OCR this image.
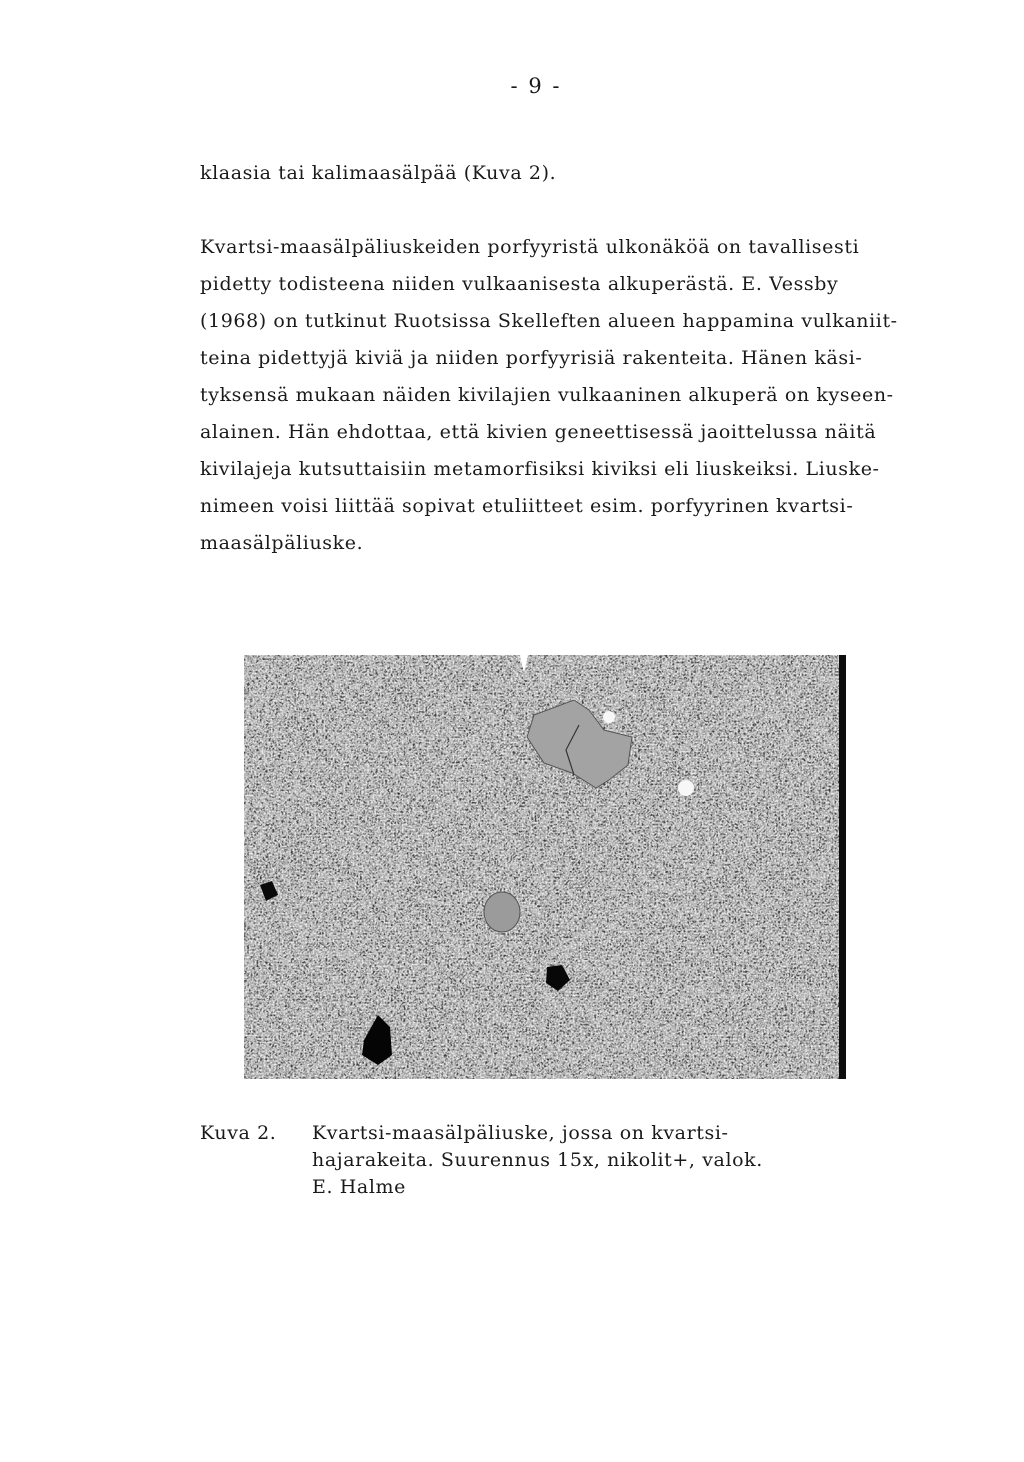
- 9 -
klaasia tai kalimaasälpää (Kuva 2).
Kvartsi-maasälpäliuskeiden porfyyristä ulkonäköä on tavallisesti
pidetty todisteena niiden vulkaanisesta alkuperästä. E. Vessby
(1968) on tutkinut Ruotsissa Skelleften alueen happamina vulkaniit-
teina pidettyjä kiviä ja niiden porfyyrisiä rakenteita. Hänen käsi-
tyksensä mukaan näiden kivilajien vulkaaninen alkuperä on kyseen-
alainen. Hän ehdottaa, että kivien geneettisessä jaoittelussa näitä
kivilajeja kutsuttaisiin metamorfisiksi kiviksi eli liuskeiksi. Liuske-
nimeen voisi liittää sopivat etuliitteet esim. porfyyrinen kvartsi-
maasälpäliuske.
Kuva 2. Kvartsi-maasälpäliuske, jossa on kvartsi-
hajarakeita. Suurennus 15x, nikolit+, valok.
E. Halme
